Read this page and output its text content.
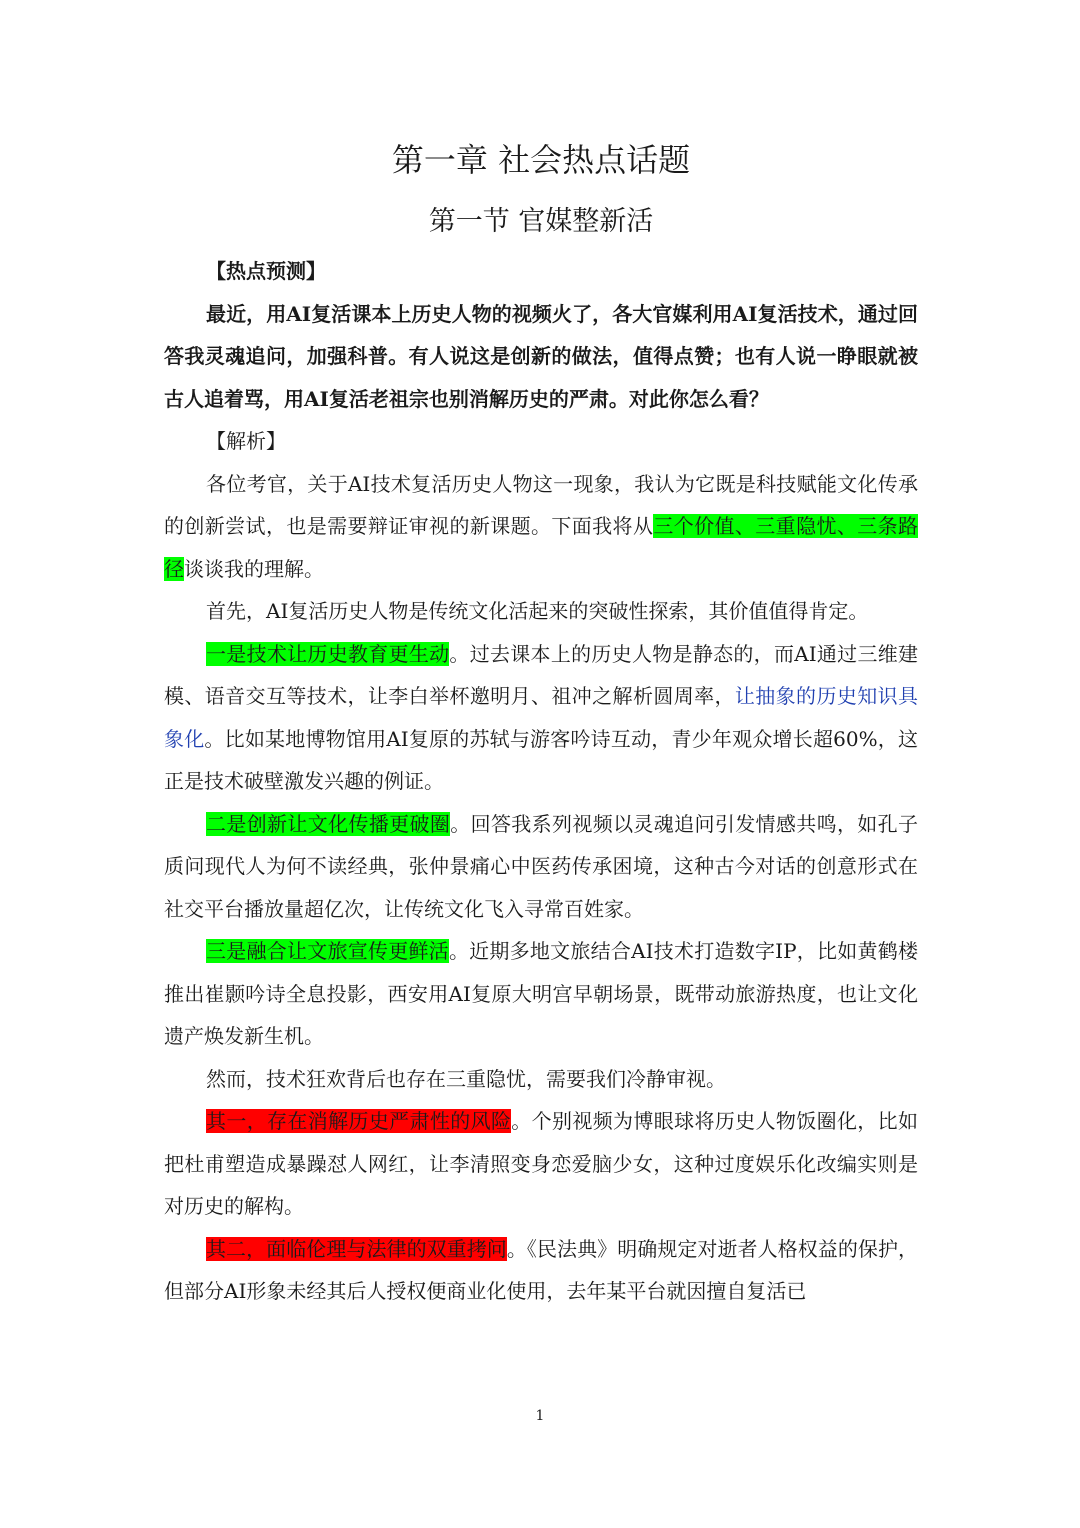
第一章 社会热点话题
第一节 官媒整新活

【热点预测】

最近，用AI复活课本上历史人物的视频火了，各大官媒利用AI复活技术，通过回答我灵魂追问，加强科普。有人说这是创新的做法，值得点赞；也有人说一睁眼就被古人追着骂，用AI复活老祖宗也别消解历史的严肃。对此你怎么看？

【解析】

各位考官，关于AI技术复活历史人物这一现象，我认为它既是科技赋能文化传承的创新尝试，也是需要辩证审视的新课题。下面我将从三个价值、三重隐忧、三条路径谈谈我的理解。

首先，AI复活历史人物是传统文化活起来的突破性探索，其价值值得肯定。

一是技术让历史教育更生动。过去课本上的历史人物是静态的，而AI通过三维建模、语音交互等技术，让李白举杯邀明月、祖冲之解析圆周率，让抽象的历史知识具象化。比如某地博物馆用AI复原的苏轼与游客吟诗互动，青少年观众增长超60%，这正是技术破壁激发兴趣的例证。

二是创新让文化传播更破圈。回答我系列视频以灵魂追问引发情感共鸣，如孔子质问现代人为何不读经典，张仲景痛心中医药传承困境，这种古今对话的创意形式在社交平台播放量超亿次，让传统文化飞入寻常百姓家。

三是融合让文旅宣传更鲜活。近期多地文旅结合AI技术打造数字IP，比如黄鹤楼推出崔颢吟诗全息投影，西安用AI复原大明宫早朝场景，既带动旅游热度，也让文化遗产焕发新生机。

然而，技术狂欢背后也存在三重隐忧，需要我们冷静审视。

其一，存在消解历史严肃性的风险。个别视频为博眼球将历史人物饭圈化，比如把杜甫塑造成暴躁怼人网红，让李清照变身恋爱脑少女，这种过度娱乐化改编实则是对历史的解构。

其二，面临伦理与法律的双重拷问。《民法典》明确规定对逝者人格权益的保护，但部分AI形象未经其后人授权便商业化使用，去年某平台就因擅自复活已

1
